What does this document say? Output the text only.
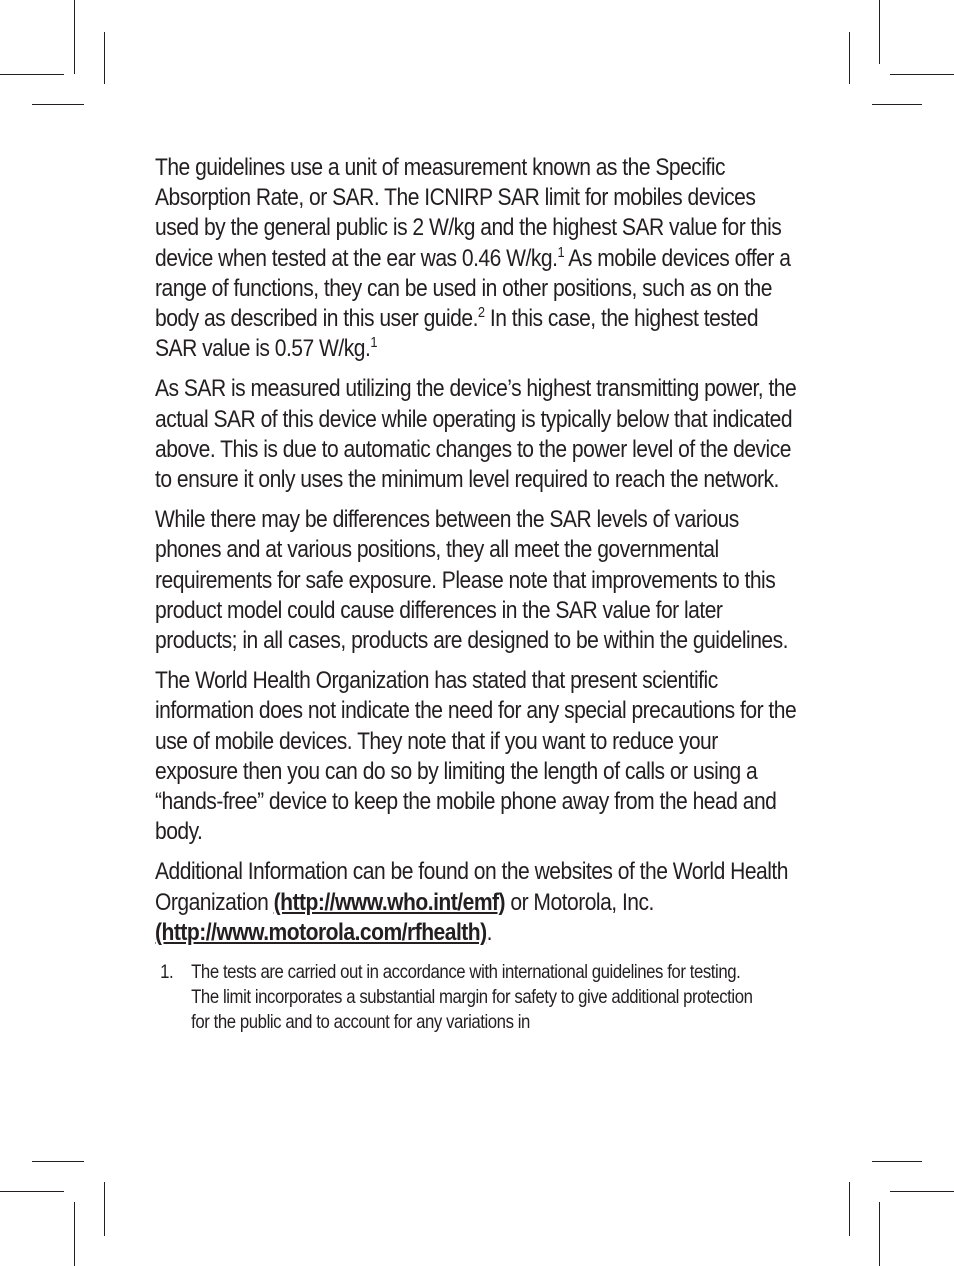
The guidelines use a unit of measurement known as the Specific Absorption Rate, or SAR. The ICNIRP SAR limit for mobiles devices used by the general public is 2 W/kg and the highest SAR value for this device when tested at the ear was 0.46 W/kg.$^1$ As mobile devices offer a range of functions, they can be used in other positions, such as on the body as described in this user guide.$^2$ In this case, the highest tested SAR value is 0.57 W/kg.$^1$

As SAR is measured utilizing the device’s highest transmitting power, the actual SAR of this device while operating is typically below that indicated above. This is due to automatic changes to the power level of the device to ensure it only uses the minimum level required to reach the network.

While there may be differences between the SAR levels of various phones and at various positions, they all meet the governmental requirements for safe exposure. Please note that improvements to this product model could cause differences in the SAR value for later products; in all cases, products are designed to be within the guidelines.

The World Health Organization has stated that present scientific information does not indicate the need for any special precautions for the use of mobile devices. They note that if you want to reduce your exposure then you can do so by limiting the length of calls or using a “hands-free” device to keep the mobile phone away from the head and body.

Additional Information can be found on the websites of the World Health Organization (http://www.who.int/emf) or Motorola, Inc. (http://www.motorola.com/rfhealth).

1. The tests are carried out in accordance with international guidelines for testing. The limit incorporates a substantial margin for safety to give additional protection for the public and to account for any variations in
